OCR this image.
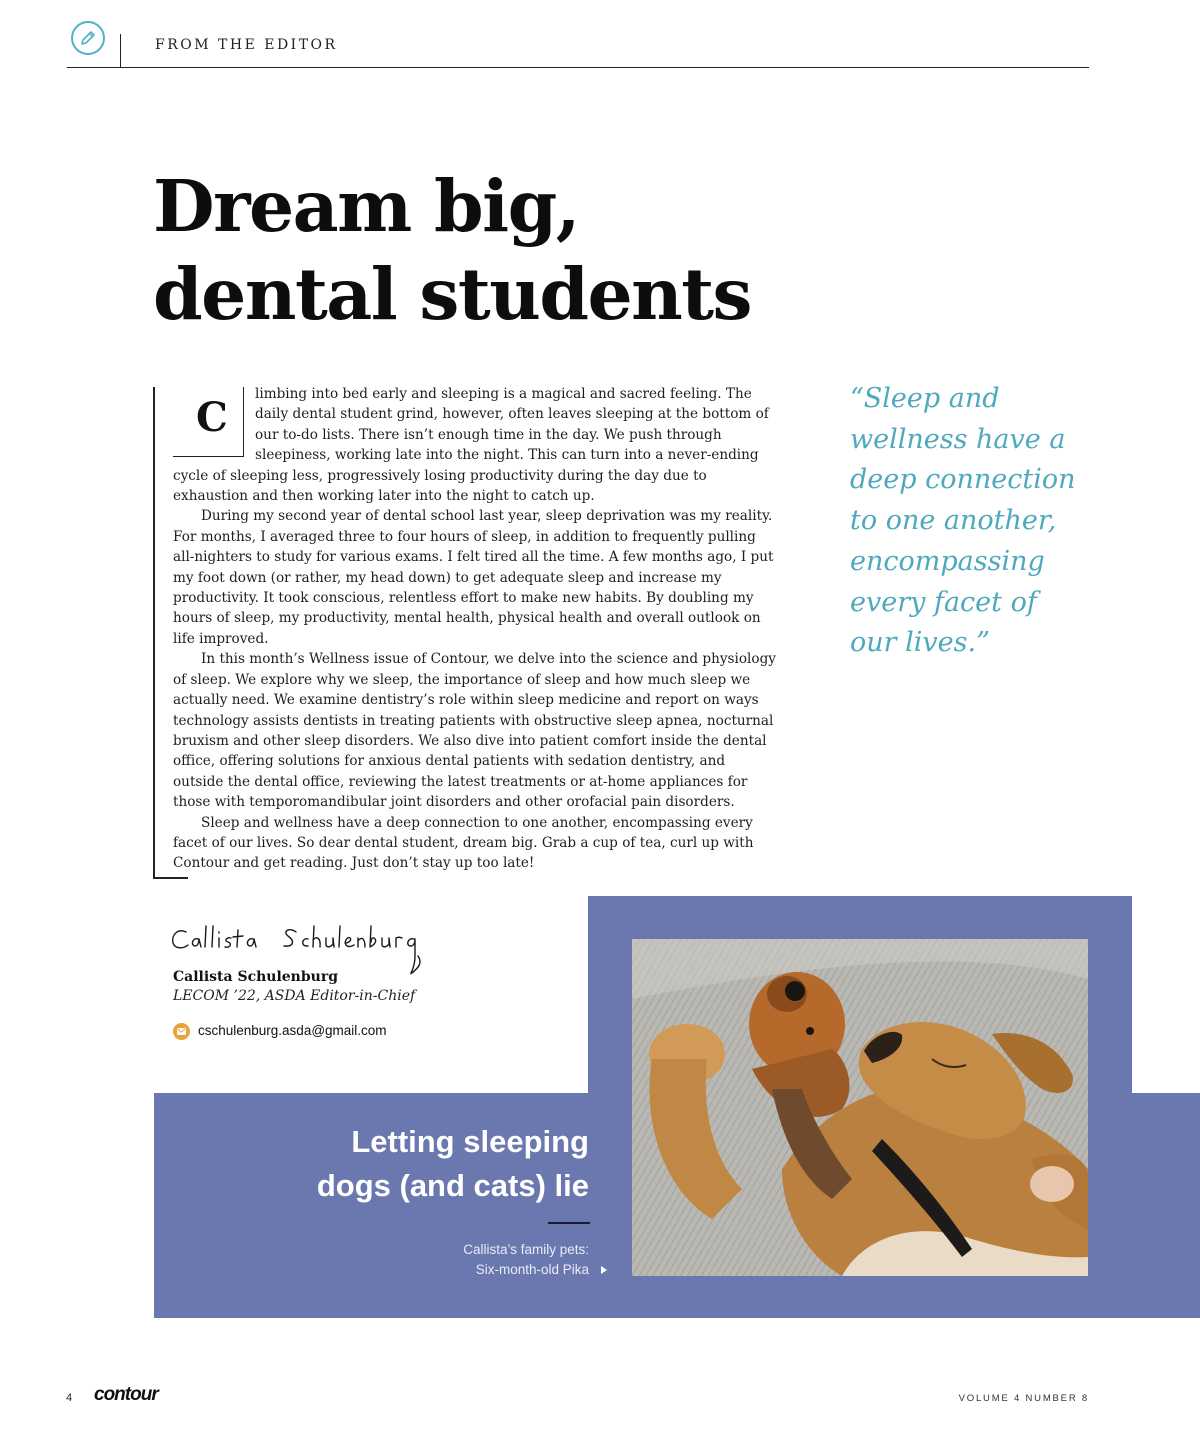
FROM THE EDITOR
Dream big,
dental students
C	limbing into bed early and sleeping is a magical and sacred feeling. The daily dental student grind, however, often leaves sleeping at the bottom of our to-do lists. There isn’t enough time in the day. We push through sleepiness, working late into the night. This can turn into a never-ending cycle of sleeping less, progressively losing productivity during the day due to exhaustion and then working later into the night to catch up.

During my second year of dental school last year, sleep deprivation was my reality. For months, I averaged three to four hours of sleep, in addition to frequently pulling all-nighters to study for various exams. I felt tired all the time. A few months ago, I put my foot down (or rather, my head down) to get adequate sleep and increase my productivity. It took conscious, relentless effort to make new habits. By doubling my hours of sleep, my productivity, mental health, physical health and overall outlook on life improved.

In this month’s Wellness issue of Contour, we delve into the science and physiology of sleep. We explore why we sleep, the importance of sleep and how much sleep we actually need. We examine dentistry’s role within sleep medicine and report on ways technology assists dentists in treating patients with obstructive sleep apnea, nocturnal bruxism and other sleep disorders. We also dive into patient comfort inside the dental office, offering solutions for anxious dental patients with sedation dentistry, and outside the dental office, reviewing the latest treatments or at-home appliances for those with temporomandibular joint disorders and other orofacial pain disorders.

Sleep and wellness have a deep connection to one another, encompassing every facet of our lives. So dear dental student, dream big. Grab a cup of tea, curl up with Contour and get reading. Just don’t stay up too late!

“Sleep and wellness have a deep connection to one another, encompassing every facet of our lives.”

Callista Schulenburg
LECOM ’22, ASDA Editor-in-Chief
cschulenburg.asda@gmail.com
Letting sleeping
dogs (and cats) lie
Callista’s family pets:
Six-month-old Pika
4 contour	VOLUME 4 NUMBER 8
